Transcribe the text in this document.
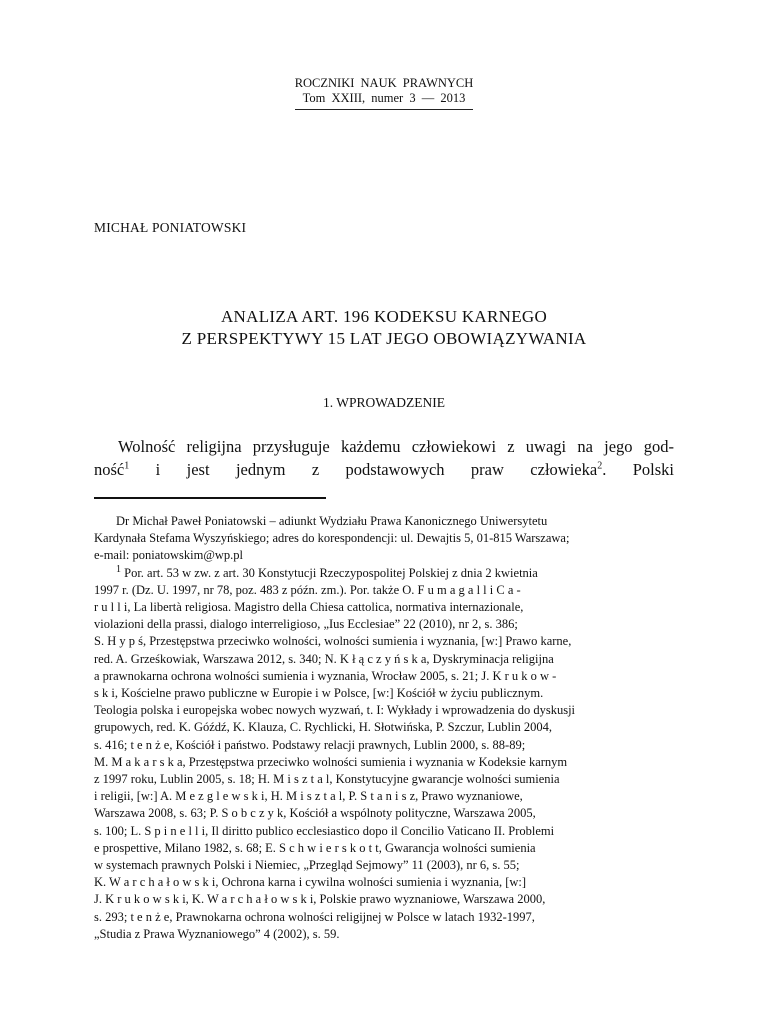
ROCZNIKI NAUK PRAWNYCH
Tom XXIII, numer 3 — 2013
MICHAŁ PONIATOWSKI
ANALIZA ART. 196 KODEKSU KARNEGO
Z PERSPEKTYWY 15 LAT JEGO OBOWIĄZYWANIA
1. WPROWADZENIE
Wolność religijna przysługuje każdemu człowiekowi z uwagi na jego god-
ność$^1$ i jest jednym z podstawowych praw człowieka$^2$. Polski
Dr Michał Paweł Poniatowski – adiunkt Wydziału Prawa Kanonicznego Uniwersytetu
Kardynała Stefama Wyszyńskiego; adres do korespondencji: ul. Dewajtis 5, 01-815 Warszawa;
e-mail: poniatowskim@wp.pl
$^1$ Por. art. 53 w zw. z art. 30 Konstytucji Rzeczypospolitej Polskiej z dnia 2 kwietnia
1997 r. (Dz. U. 1997, nr 78, poz. 483 z późn. zm.). Por. także O. F u m a g a l l i C a -
r u l l i, La libertà religiosa. Magistro della Chiesa cattolica, normativa internazionale,
violazioni della prassi, dialogo interreligioso, „Ius Ecclesiae” 22 (2010), nr 2, s. 386;
S. H y p ś, Przestępstwa przeciwko wolności, wolności sumienia i wyznania, [w:] Prawo karne,
red. A. Grześkowiak, Warszawa 2012, s. 340; N. K ł ą c z y ń s k a, Dyskryminacja religijna
a prawnokarna ochrona wolności sumienia i wyznania, Wrocław 2005, s. 21; J. K r u k o w -
s k i, Kościelne prawo publiczne w Europie i w Polsce, [w:] Kościół w życiu publicznym.
Teologia polska i europejska wobec nowych wyzwań, t. I: Wykłady i wprowadzenia do dyskusji
grupowych, red. K. Góźdź, K. Klauza, C. Rychlicki, H. Słotwińska, P. Szczur, Lublin 2004,
s. 416; t e n ż e, Kościół i państwo. Podstawy relacji prawnych, Lublin 2000, s. 88-89;
M. M a k a r s k a, Przestępstwa przeciwko wolności sumienia i wyznania w Kodeksie karnym
z 1997 roku, Lublin 2005, s. 18; H. M i s z t a l, Konstytucyjne gwarancje wolności sumienia
i religii, [w:] A. M e z g l e w s k i, H. M i s z t a l, P. S t a n i s z, Prawo wyznaniowe,
Warszawa 2008, s. 63; P. S o b c z y k, Kościół a wspólnoty polityczne, Warszawa 2005,
s. 100; L. S p i n e l l i, Il diritto publico ecclesiastico dopo il Concilio Vaticano II. Problemi
e prospettive, Milano 1982, s. 68; E. S c h w i e r s k o t t, Gwarancja wolności sumienia
w systemach prawnych Polski i Niemiec, „Przegląd Sejmowy” 11 (2003), nr 6, s. 55;
K. W a r c h a ł o w s k i, Ochrona karna i cywilna wolności sumienia i wyznania, [w:]
J. K r u k o w s k i, K. W a r c h a ł o w s k i, Polskie prawo wyznaniowe, Warszawa 2000,
s. 293; t e n ż e, Prawnokarna ochrona wolności religijnej w Polsce w latach 1932-1997,
„Studia z Prawa Wyznaniowego” 4 (2002), s. 59.
